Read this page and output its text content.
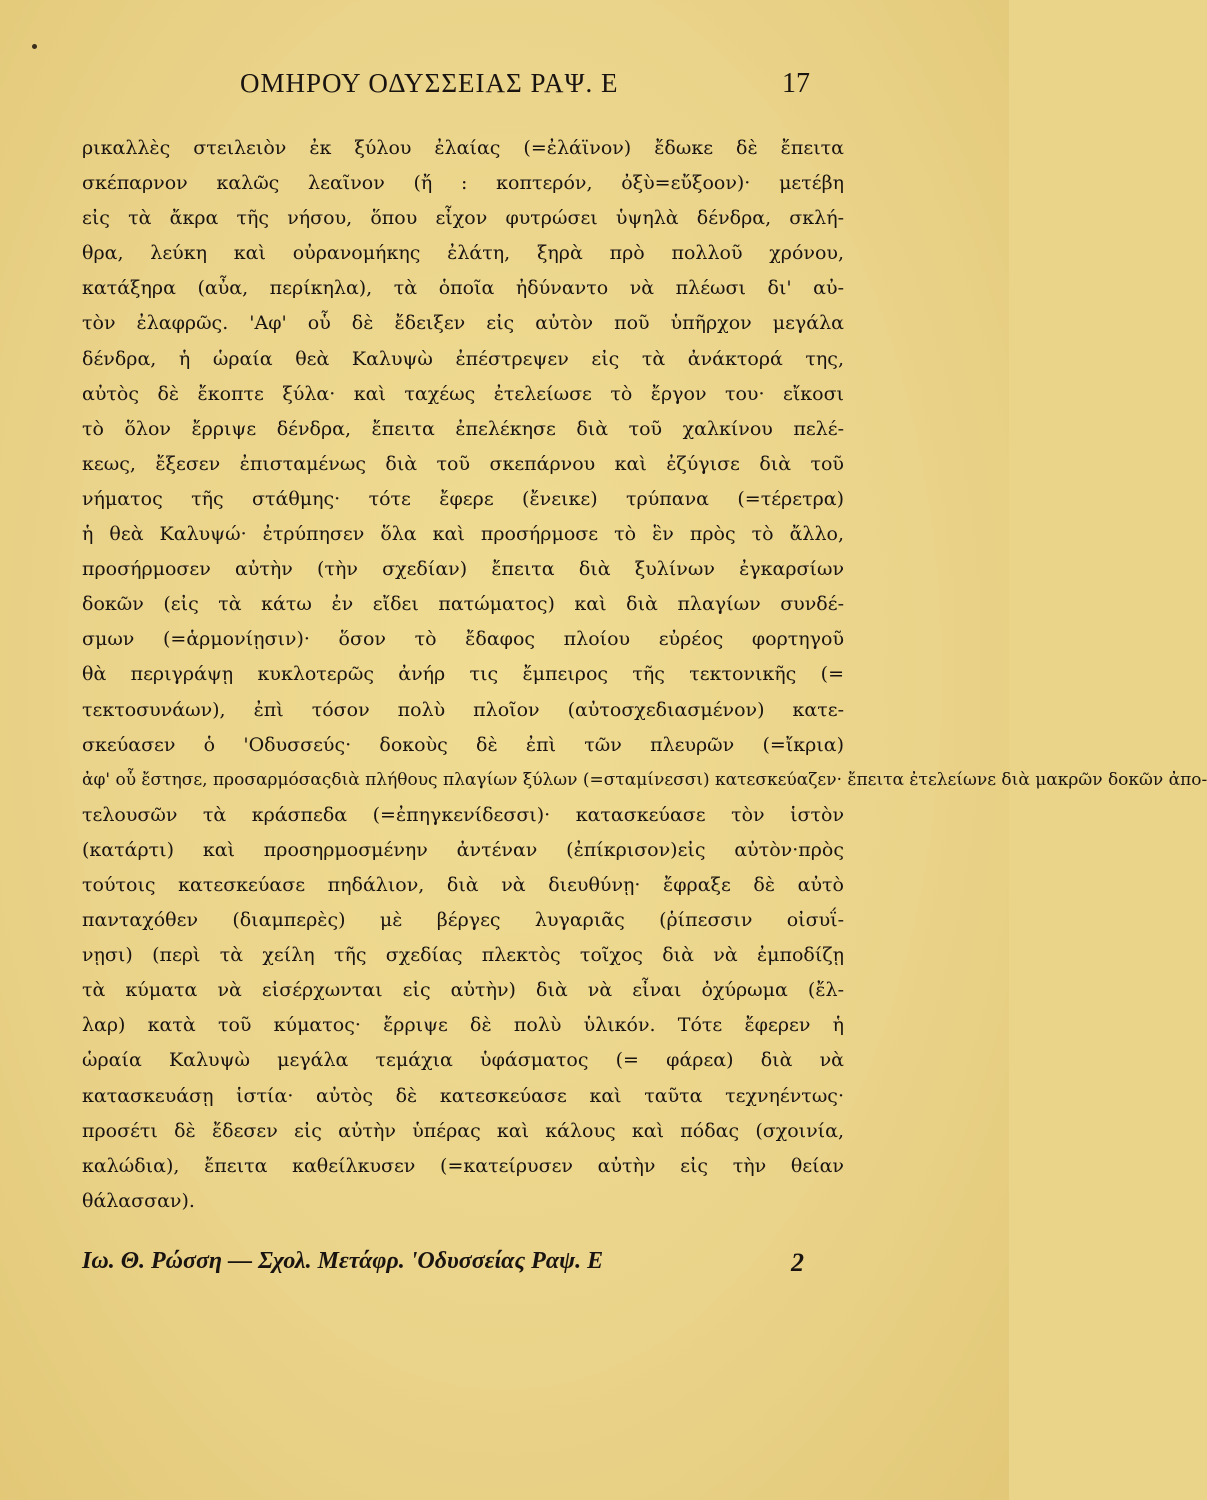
ΟΜΗΡΟΥ ΟΔΥΣΣΕΙΑΣ ΡΑΨ. Ε	17
ρικαλλὲς στειλειὸν ἐκ ξύλου ἐλαίας (=ἐλάϊνον) ἔδωκε δὲ ἔπειτα
σκέπαρνον καλῶς λεαῖνον (ἤ : κοπτερόν, ὀξὺ=εὔξοον)· μετέβη
εἰς τὰ ἄκρα τῆς νήσου, ὅπου εἶχον φυτρώσει ὑψηλὰ δένδρα, σκλή-
θρα, λεύκη καὶ οὐρανομήκης ἐλάτη, ξηρὰ πρὸ πολλοῦ χρόνου,
κατάξηρα (αὖα, περίκηλα), τὰ ὁποῖα ἠδύναντο νὰ πλέωσι δι' αὐ-
τὸν ἐλαφρῶς. 'Αφ' οὗ δὲ ἔδειξεν εἰς αὐτὸν ποῦ ὑπῆρχον μεγάλα
δένδρα, ἡ ὡραία θεὰ Καλυψὼ ἐπέστρεψεν εἰς τὰ ἀνάκτορά της,
αὐτὸς δὲ ἔκοπτε ξύλα· καὶ ταχέως ἐτελείωσε τὸ ἔργον του· εἴκοσι
τὸ ὅλον ἔρριψε δένδρα, ἔπειτα ἐπελέκησε διὰ τοῦ χαλκίνου πελέ-
κεως, ἔξεσεν ἐπισταμένως διὰ τοῦ σκεπάρνου καὶ ἐζύγισε διὰ τοῦ
νήματος τῆς στάθμης· τότε ἔφερε (ἔνεικε) τρύπανα (=τέρετρα)
ἡ θεὰ Καλυψώ· ἐτρύπησεν ὅλα καὶ προσήρμοσε τὸ ἓν πρὸς τὸ ἄλλο,
προσήρμοσεν αὐτὴν (τὴν σχεδίαν) ἔπειτα διὰ ξυλίνων ἐγκαρσίων
δοκῶν (εἰς τὰ κάτω ἐν εἴδει πατώματος) καὶ διὰ πλαγίων συνδέ-
σμων (=ἁρμονίῃσιν)· ὅσον τὸ ἔδαφος πλοίου εὐρέος φορτηγοῦ
θὰ περιγράψῃ κυκλοτερῶς ἀνήρ τις ἔμπειρος τῆς τεκτονικῆς (=
τεκτοσυνάων), ἐπὶ τόσον πολὺ πλοῖον (αὐτοσχεδιασμένον) κατε-
σκεύασεν ὁ 'Οδυσσεύς· δοκοὺς δὲ ἐπὶ τῶν πλευρῶν (=ἴκρια)
ἀφ' οὗ ἔστησε, προσαρμόσαςδιὰ πλήθους πλαγίων ξύλων (=σταμίνεσσι) κατεσκεύαζεν· ἔπειτα ἐτελείωνε διὰ μακρῶν δοκῶν ἀπο-
τελουσῶν τὰ κράσπεδα (=ἐπηγκενίδεσσι)· κατασκεύασε τὸν ἱστὸν
(κατάρτι) καὶ προσηρμοσμένην ἀντέναν (ἐπίκρισον)εἰς αὐτὸν·πρὸς
τούτοις κατεσκεύασε πηδάλιον, διὰ νὰ διευθύνῃ· ἔφραξε δὲ αὐτὸ
πανταχόθεν (διαμπερὲς) μὲ βέργες λυγαριᾶς (ῥίπεσσιν οἰσυΐ-
νῃσι) (περὶ τὰ χείλη τῆς σχεδίας πλεκτὸς τοῖχος διὰ νὰ ἐμποδίζῃ
τὰ κύματα νὰ εἰσέρχωνται εἰς αὐτὴν) διὰ νὰ εἶναι ὀχύρωμα (ἔλ-
λαρ) κατὰ τοῦ κύματος· ἔρριψε δὲ πολὺ ὑλικόν. Τότε ἔφερεν ἡ
ὡραία Καλυψὼ μεγάλα τεμάχια ὑφάσματος (= φάρεα) διὰ νὰ
κατασκευάσῃ ἱστία· αὐτὸς δὲ κατεσκεύασε καὶ ταῦτα τεχνηέντως·
προσέτι δὲ ἔδεσεν εἰς αὐτὴν ὑπέρας καὶ κάλους καὶ πόδας (σχοινία,
καλώδια), ἔπειτα καθείλκυσεν (=κατείρυσεν αὐτὴν εἰς τὴν θείαν
θάλασσαν).
Ιω. Θ. Ρώσση — Σχολ. Μετάφρ. 'Οδυσσείας Ραψ. Ε	2
